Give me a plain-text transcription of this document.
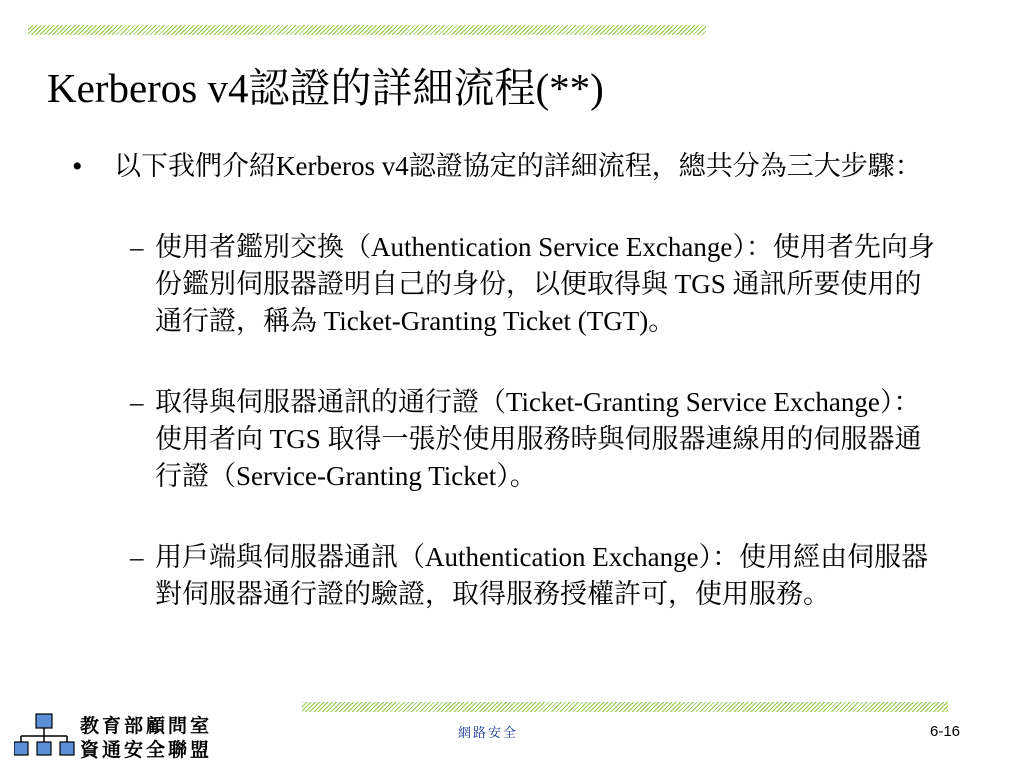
Kerberos v4認證的詳細流程(**)
• 以下我們介紹Kerberos v4認證協定的詳細流程，總共分為三大步驟：
– 使用者鑑別交換（Authentication Service Exchange）：使用者先向身份鑑別伺服器證明自己的身份，以便取得與 TGS 通訊所要使用的通行證，稱為 Ticket-Granting Ticket (TGT)。
– 取得與伺服器通訊的通行證（Ticket-Granting Service Exchange）： 使用者向 TGS 取得一張於使用服務時與伺服器連線用的伺服器通行證（Service-Granting Ticket）。
– 用戶端與伺服器通訊（Authentication Exchange）：使用經由伺服器對伺服器通行證的驗證，取得服務授權許可，使用服務。
教育部顧問室
資通安全聯盟
網路安全	6-16
